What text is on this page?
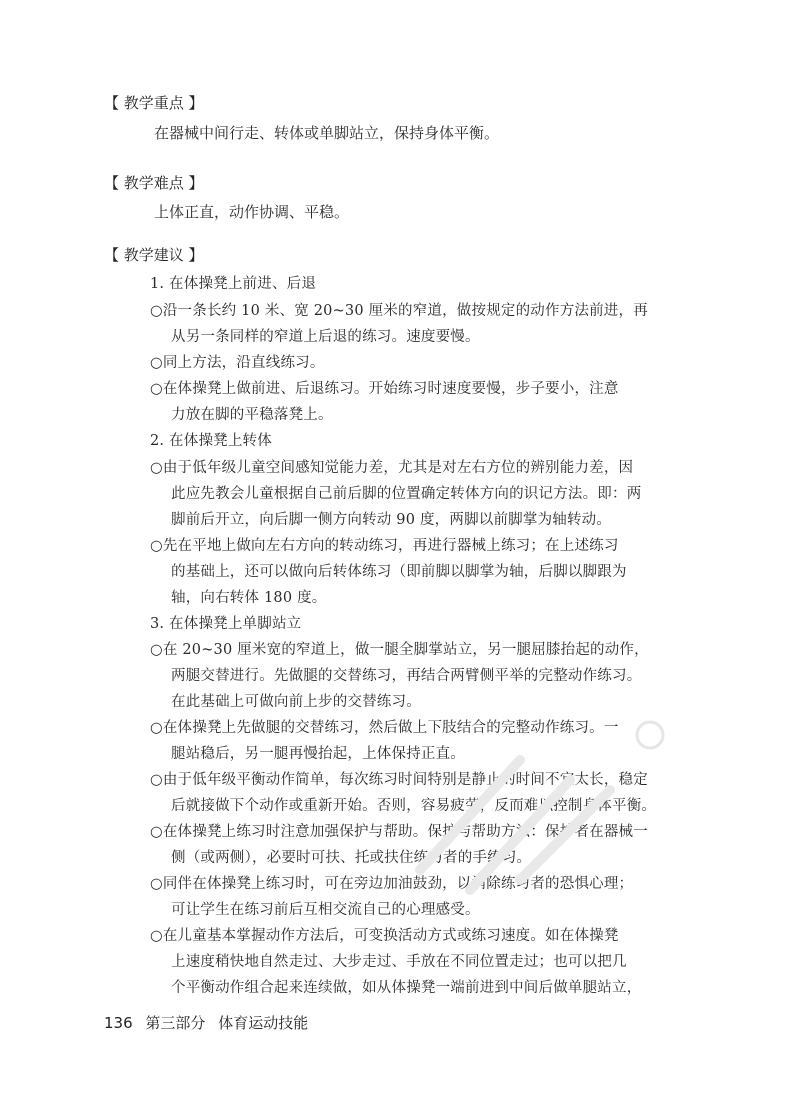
【 教学重点 】
在器械中间行走、转体或单脚站立，保持身体平衡。
【 教学难点 】
上体正直，动作协调、平稳。
【 教学建议 】
1. 在体操凳上前进、后退
○沿一条长约 10 米、宽 20~30 厘米的窄道，做按规定的动作方法前进，再
从另一条同样的窄道上后退的练习。速度要慢。
○同上方法，沿直线练习。
○在体操凳上做前进、后退练习。开始练习时速度要慢，步子要小，注意
力放在脚的平稳落凳上。
2. 在体操凳上转体
○由于低年级儿童空间感知觉能力差，尤其是对左右方位的辨别能力差，因
此应先教会儿童根据自己前后脚的位置确定转体方向的识记方法。即：两
脚前后开立，向后脚一侧方向转动 90 度，两脚以前脚掌为轴转动。
○先在平地上做向左右方向的转动练习，再进行器械上练习；在上述练习
的基础上，还可以做向后转体练习（即前脚以脚掌为轴，后脚以脚跟为
轴，向右转体 180 度。
3. 在体操凳上单脚站立
○在 20~30 厘米宽的窄道上，做一腿全脚掌站立，另一腿屈膝抬起的动作，
两腿交替进行。先做腿的交替练习，再结合两臂侧平举的完整动作练习。
在此基础上可做向前上步的交替练习。
○在体操凳上先做腿的交替练习，然后做上下肢结合的完整动作练习。一
腿站稳后，另一腿再慢抬起，上体保持正直。
○由于低年级平衡动作简单，每次练习时间特别是静止的时间不宜太长，稳定
后就接做下个动作或重新开始。否则，容易疲劳，反而难以控制身体平衡。
○在体操凳上练习时注意加强保护与帮助。保护与帮助方法：保护者在器械一
侧（或两侧），必要时可扶、托或扶住练习者的手练习。
○同伴在体操凳上练习时，可在旁边加油鼓劲，以消除练习者的恐惧心理；
可让学生在练习前后互相交流自己的心理感受。
○在儿童基本掌握动作方法后，可变换活动方式或练习速度。如在体操凳
上速度稍快地自然走过、大步走过、手放在不同位置走过；也可以把几
个平衡动作组合起来连续做，如从体操凳一端前进到中间后做单腿站立，
136 第三部分 体育运动技能
